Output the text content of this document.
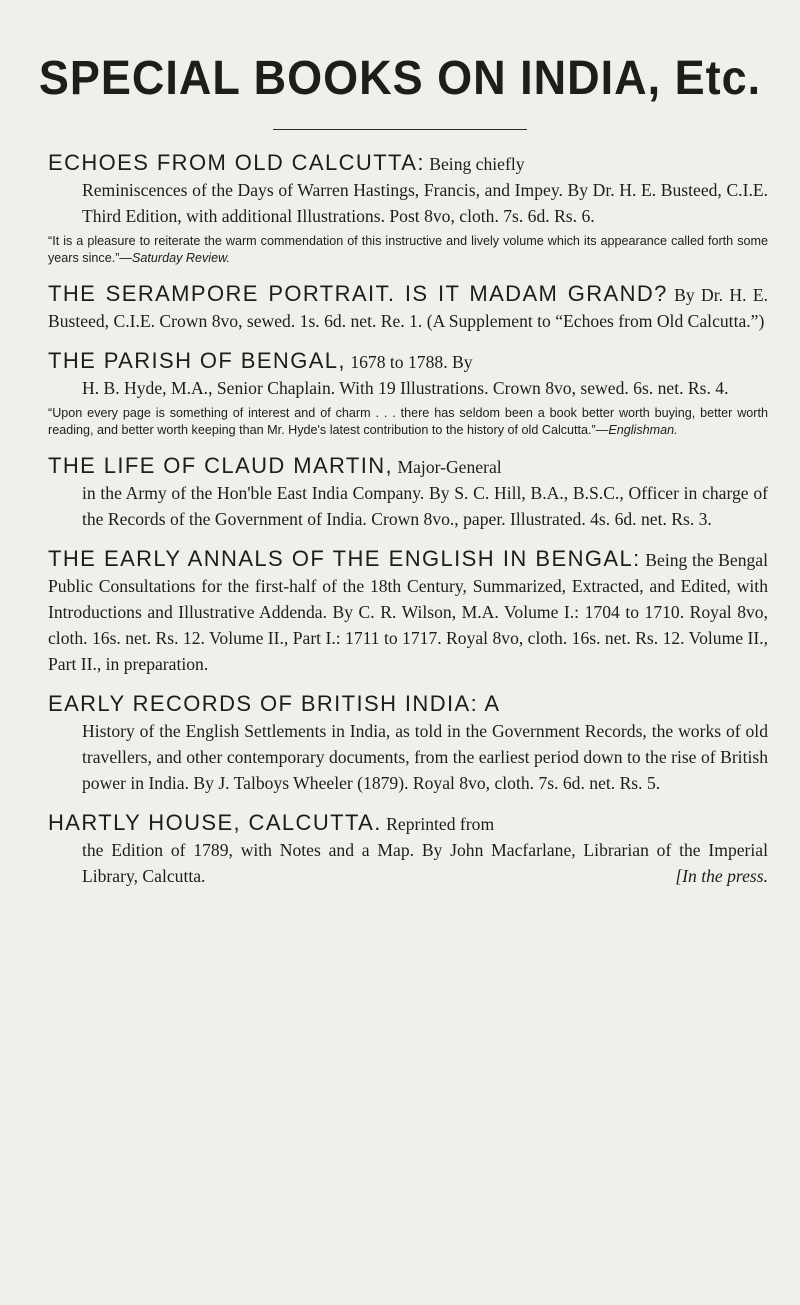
SPECIAL BOOKS ON INDIA, Etc.

ECHOES FROM OLD CALCUTTA: Being chiefly
Reminiscences of the Days of Warren Hastings, Francis, and Impey. By Dr. H. E. Busteed, C.I.E. Third Edition, with additional Illustrations. Post 8vo, cloth. 7s. 6d. Rs. 6.

“It is a pleasure to reiterate the warm commendation of this instructive and lively volume which its appearance called forth some years since.”—Saturday Review.

THE SERAMPORE PORTRAIT. IS IT MADAM GRAND? By Dr. H. E. Busteed, C.I.E. Crown 8vo, sewed. 1s. 6d. net. Re. 1. (A Supplement to “Echoes from Old Calcutta.”)

THE PARISH OF BENGAL, 1678 to 1788. By
H. B. Hyde, M.A., Senior Chaplain. With 19 Illustrations. Crown 8vo, sewed. 6s. net. Rs. 4.

“Upon every page is something of interest and of charm . . . there has seldom been a book better worth buying, better worth reading, and better worth keeping than Mr. Hyde's latest contribution to the history of old Calcutta.”—Englishman.

THE LIFE OF CLAUD MARTIN, Major-General
in the Army of the Hon'ble East India Company. By S. C. Hill, B.A., B.S.C., Officer in charge of the Records of the Government of India. Crown 8vo., paper. Illustrated. 4s. 6d. net. Rs. 3.

THE EARLY ANNALS OF THE ENGLISH IN BENGAL: Being the Bengal Public Consultations for the first-half of the 18th Century, Summarized, Extracted, and Edited, with Introductions and Illustrative Addenda. By C. R. Wilson, M.A. Volume I.: 1704 to 1710. Royal 8vo, cloth. 16s. net. Rs. 12. Volume II., Part I.: 1711 to 1717. Royal 8vo, cloth. 16s. net. Rs. 12. Volume II., Part II., in preparation.

EARLY RECORDS OF BRITISH INDIA: A
History of the English Settlements in India, as told in the Government Records, the works of old travellers, and other contemporary documents, from the earliest period down to the rise of British power in India. By J. Talboys Wheeler (1879). Royal 8vo, cloth. 7s. 6d. net. Rs. 5.

HARTLY HOUSE, CALCUTTA. Reprinted from
the Edition of 1789, with Notes and a Map. By John Macfarlane, Librarian of the Imperial Library, Calcutta.	[In the press.
